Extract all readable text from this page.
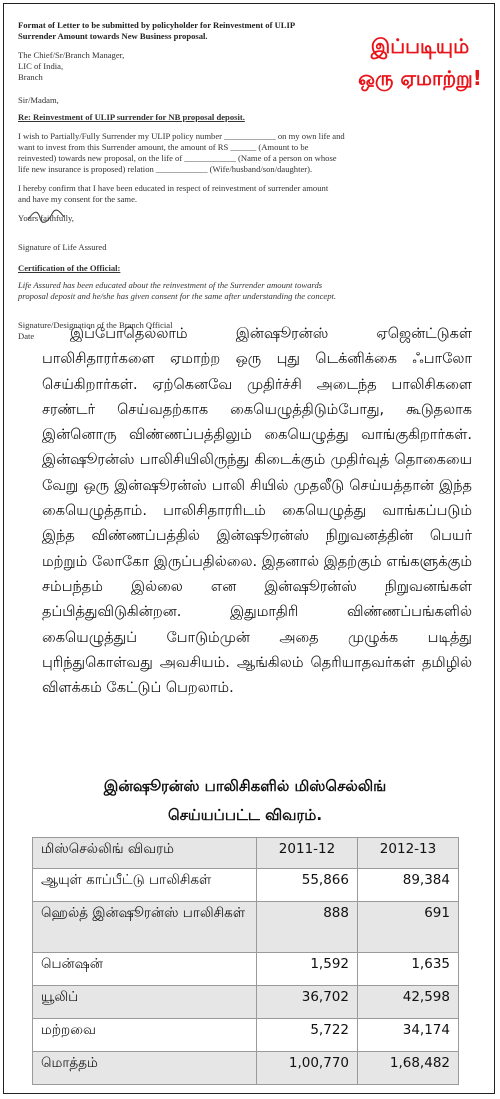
Format of Letter to be submitted by policyholder for Reinvestment of ULIP Surrender Amount towards New Business proposal.

The Chief/Sr/Branch Manager,

LIC of India,

Branch

Sir/Madam,

Re: Reinvestment of ULIP surrender for NB proposal deposit.

I wish to Partially/Fully Surrender my ULIP policy number ____________ on my own life and want to invest from this Surrender amount, the amount of RS ______ (Amount to be reinvested) towards new proposal, on the life of ____________ (Name of a person on whose life new insurance is proposed) relation ____________ (Wife/husband/son/daughter).

I hereby confirm that I have been educated in respect of reinvestment of surrender amount and have my consent for the same.

Yours faithfully,

Signature of Life Assured

Certification of the Official:

Life Assured has been educated about the reinvestment of the Surrender amount towards proposal deposit and he/she has given consent for the same after understanding the concept.

Signature/Designation of the Branch Official

Date

இப்படியும்
ஒரு ஏமாற்று!

இப்போதெல்லாம் இன்ஷூரன்ஸ் ஏஜென்ட்டுகள் பாலிசிதாரர்களை ஏமாற்ற ஒரு புது டெக்னிக்கை ஃபாலோ செய்கிறார்கள். ஏற்கெனவே முதிர்ச்சி அடைந்த பாலிசிகளை சரண்டர் செய்வதற்காக கையெழுத்திடும்போது, கூடுதலாக இன்னொரு விண்ணப்பத்திலும் கையெழுத்து வாங்குகிறார்கள். இன்ஷூரன்ஸ் பாலிசியிலிருந்து கிடைக்கும் முதிர்வுத் தொகையை வேறு ஒரு இன்ஷூரன்ஸ் பாலி சியில் முதலீடு செய்யத்தான் இந்த கையெழுத்தாம். பாலிசிதாரரிடம் கையெழுத்து வாங்கப்படும் இந்த விண்ணப்பத்தில் இன்ஷூரன்ஸ் நிறுவனத்தின் பெயர் மற்றும் லோகோ இருப்பதில்லை. இதனால் இதற்கும் எங்களுக்கும் சம்பந்தம் இல்லை என இன்ஷூரன்ஸ் நிறுவனங்கள் தப்பித்துவிடுகின்றன. இதுமாதிரி விண்ணப்பங்களில் கையெழுத்துப் போடும்முன் அதை முழுக்க படித்து புரிந்துகொள்வது அவசியம். ஆங்கிலம் தெரியாதவர்கள் தமிழில் விளக்கம் கேட்டுப் பெறலாம்.

இன்ஷூரன்ஸ் பாலிசிகளில் மிஸ்செல்லிங்
செய்யப்பட்ட விவரம்.
மிஸ்செல்லிங் விவரம்	2011-12	2012-13
ஆயுள் காப்பீட்டு பாலிசிகள்	55,866	89,384
ஹெல்த் இன்ஷூரன்ஸ் பாலிசிகள்	888	691
பென்ஷன்	1,592	1,635
யூலிப்	36,702	42,598
மற்றவை	5,722	34,174
மொத்தம்	1,00,770	1,68,482
